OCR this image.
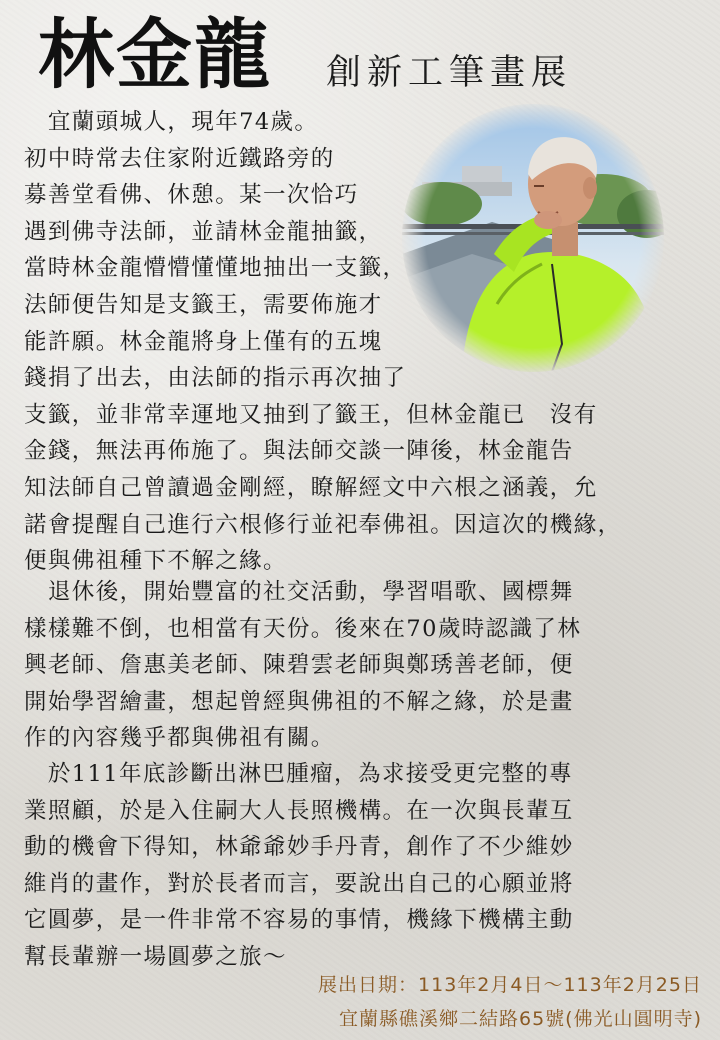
林金龍 創新工筆畫展
　宜蘭頭城人，現年74歲。
初中時常去住家附近鐵路旁的
募善堂看佛、休憩。某一次恰巧
遇到佛寺法師，並請林金龍抽籤，
當時林金龍懵懵懂懂地抽出一支籤，
法師便告知是支籤王，需要佈施才
能許願。林金龍將身上僅有的五塊
錢捐了出去，由法師的指示再次抽了
支籤，並非常幸運地又抽到了籤王，但林金龍已　沒有
金錢，無法再佈施了。與法師交談一陣後，林金龍告
知法師自己曾讀過金剛經，瞭解經文中六根之涵義，允
諾會提醒自己進行六根修行並祀奉佛祖。因這次的機緣，
便與佛祖種下不解之緣。
　退休後，開始豐富的社交活動，學習唱歌、國標舞
樣樣難不倒，也相當有天份。後來在70歲時認識了林
興老師、詹惠美老師、陳碧雲老師與鄭琇善老師，便
開始學習繪畫，想起曾經與佛祖的不解之緣，於是畫
作的內容幾乎都與佛祖有關。
　於111年底診斷出淋巴腫瘤，為求接受更完整的專
業照顧，於是入住嗣大人長照機構。在一次與長輩互
動的機會下得知，林爺爺妙手丹青，創作了不少維妙
維肖的畫作，對於長者而言，要說出自己的心願並將
它圓夢，是一件非常不容易的事情，機緣下機構主動
幫長輩辦一場圓夢之旅～
展出日期：113年2月4日～113年2月25日
宜蘭縣礁溪鄉二結路65號(佛光山圓明寺)
